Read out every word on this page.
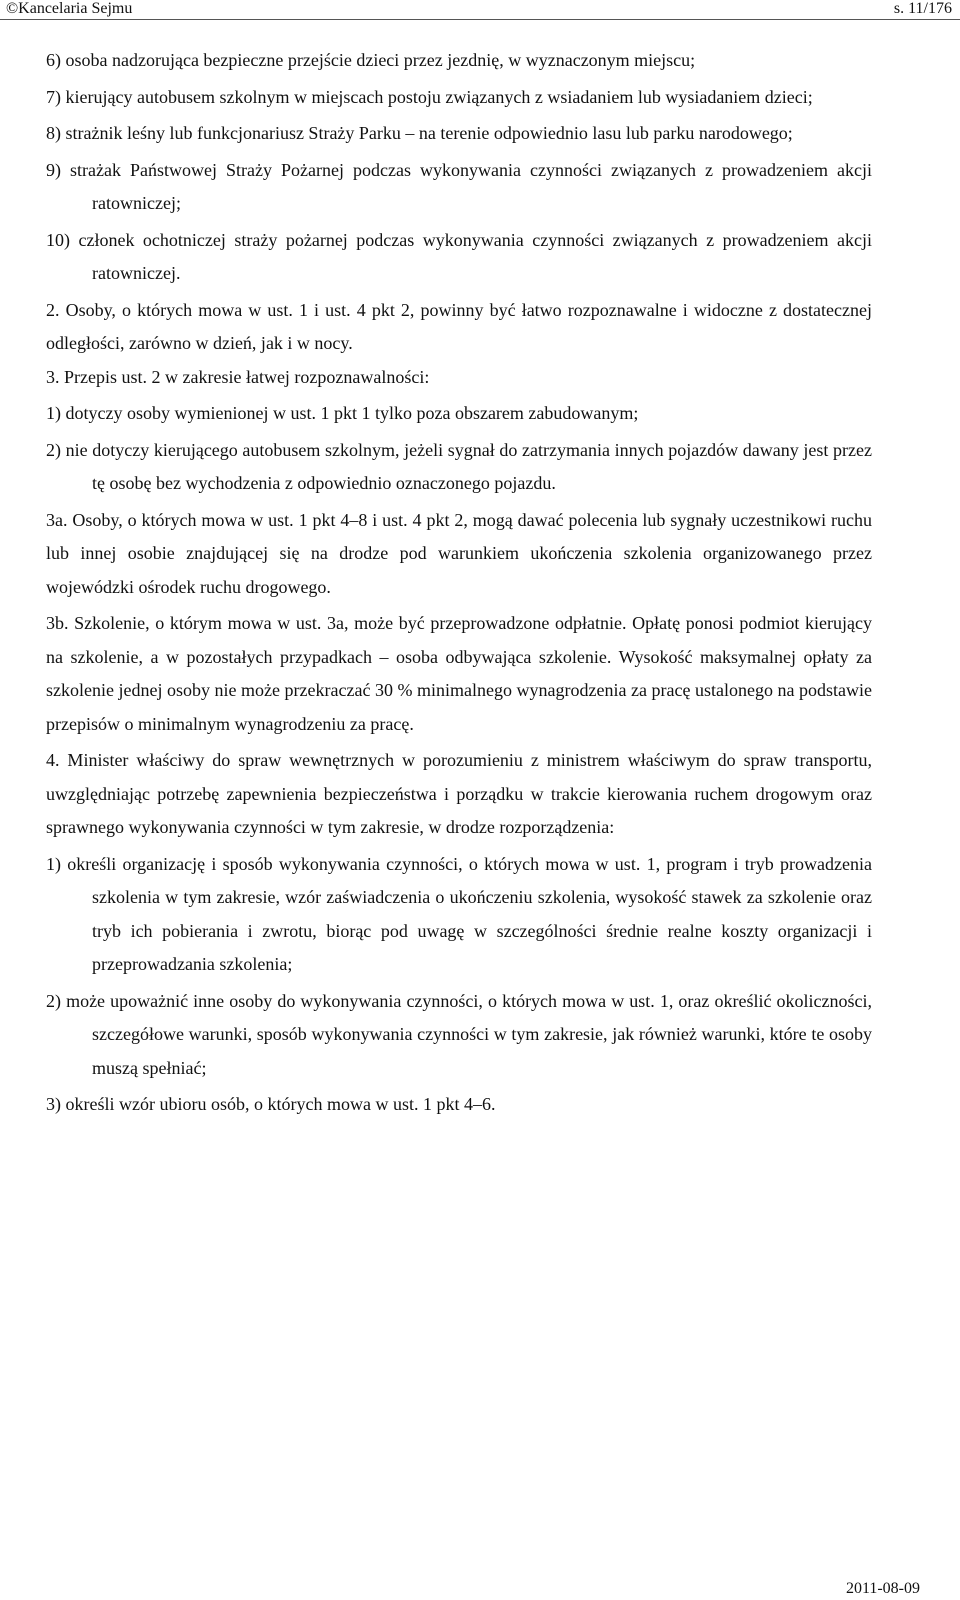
©Kancelaria Sejmu	s. 11/176

6) osoba nadzorująca bezpieczne przejście dzieci przez jezdnię, w wyznaczonym miejscu;

7) kierujący autobusem szkolnym w miejscach postoju związanych z wsiadaniem lub wysiadaniem dzieci;

8) strażnik leśny lub funkcjonariusz Straży Parku – na terenie odpowiednio lasu lub parku narodowego;

9) strażak Państwowej Straży Pożarnej podczas wykonywania czynności związanych z prowadzeniem akcji ratowniczej;

10) członek ochotniczej straży pożarnej podczas wykonywania czynności związanych z prowadzeniem akcji ratowniczej.

2. Osoby, o których mowa w ust. 1 i ust. 4 pkt 2, powinny być łatwo rozpoznawalne i widoczne z dostatecznej odległości, zarówno w dzień, jak i w nocy.

3. Przepis ust. 2 w zakresie łatwej rozpoznawalności:

1) dotyczy osoby wymienionej w ust. 1 pkt 1 tylko poza obszarem zabudowanym;

2) nie dotyczy kierującego autobusem szkolnym, jeżeli sygnał do zatrzymania innych pojazdów dawany jest przez tę osobę bez wychodzenia z odpowiednio oznaczonego pojazdu.

3a. Osoby, o których mowa w ust. 1 pkt 4–8 i ust. 4 pkt 2, mogą dawać polecenia lub sygnały uczestnikowi ruchu lub innej osobie znajdującej się na drodze pod warunkiem ukończenia szkolenia organizowanego przez wojewódzki ośrodek ruchu drogowego.

3b. Szkolenie, o którym mowa w ust. 3a, może być przeprowadzone odpłatnie. Opłatę ponosi podmiot kierujący na szkolenie, a w pozostałych przypadkach – osoba odbywająca szkolenie. Wysokość maksymalnej opłaty za szkolenie jednej osoby nie może przekraczać 30 % minimalnego wynagrodzenia za pracę ustalonego na podstawie przepisów o minimalnym wynagrodzeniu za pracę.

4. Minister właściwy do spraw wewnętrznych w porozumieniu z ministrem właściwym do spraw transportu, uwzględniając potrzebę zapewnienia bezpieczeństwa i porządku w trakcie kierowania ruchem drogowym oraz sprawnego wykonywania czynności w tym zakresie, w drodze rozporządzenia:

1) określi organizację i sposób wykonywania czynności, o których mowa w ust. 1, program i tryb prowadzenia szkolenia w tym zakresie, wzór zaświadczenia o ukończeniu szkolenia, wysokość stawek za szkolenie oraz tryb ich pobierania i zwrotu, biorąc pod uwagę w szczególności średnie realne koszty organizacji i przeprowadzania szkolenia;

2) może upoważnić inne osoby do wykonywania czynności, o których mowa w ust. 1, oraz określić okoliczności, szczegółowe warunki, sposób wykonywania czynności w tym zakresie, jak również warunki, które te osoby muszą spełniać;

3) określi wzór ubioru osób, o których mowa w ust. 1 pkt 4–6.

2011-08-09
